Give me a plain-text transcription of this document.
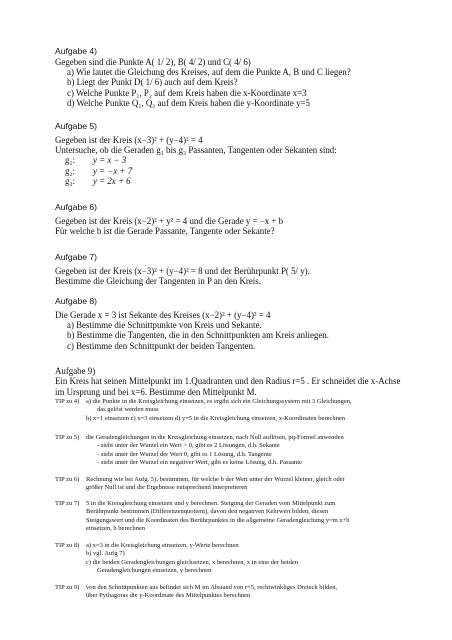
Aufgabe 4)
Gegeben sind die Punkte A( 1/ 2), B( 4/ 2) und C( 4/ 6)
a) Wie lautet die Gleichung des Kreises, auf dem die Punkte A, B und C liegen?
b) Liegt der Punkt D( 1/ 6) auch auf dem Kreis?
c) Welche Punkte P₁, P₂ auf dem Kreis haben die x-Koordinate x=3
d) Welche Punkte Q₁, Q₂ auf dem Kreis haben die y-Koordinate y=5
Aufgabe 5)
Gegeben ist der Kreis (x−3)² + (y−4)² = 4
Untersuche, ob die Geraden g₁ bis g₃ Passanten, Tangenten oder Sekanten sind:
g₁: y = x − 3
g₂: y = −x + 7
g₃: y = 2x + 6
Aufgabe 6)
Gegeben ist der Kreis (x−2)² + y² = 4 und die Gerade y = −x + b
Für welche b ist die Gerade Passante, Tangente oder Sekante?
Aufgabe 7)
Gegeben ist der Kreis (x−3)² + (y−4)² = 8 und der Berührpunkt P( 5/ y).
Bestimme die Gleichung der Tangenten in P an den Kreis.
Aufgabe 8)
Die Gerade x = 3 ist Sekante des Kreises (x−2)² + (y−4)² = 4
a) Bestimme die Schnittpunkte von Kreis und Sekante.
b) Bestimme die Tangenten, die in den Schnittpunkten am Kreis anliegen.
c) Bestimme den Schnittpunkt der beiden Tangenten.
Aufgabe 9)
Ein Kreis hat seinen Mittelpunkt im 1.Quadranten und den Radius r=5 . Er schneidet die x-Achse
im Ursprung und bei x=6. Bestimme den Mittelpunkt M.
TIP zu 4) a) die Punkte in die Kreisgleichung einsetzen, es ergibt sich ein Gleichungssystem mit 3 Gleichungen,
das gelöst werden muss
b) x=1 einsetzen c) x=3 einsetzen d) y=5 in die Kreisgleichung einsetzen, x-Koordinaten berechnen
TIP zu 5) die Geradengleichungen in die Kreisgleichung einsetzen, nach Null auflösen, pq-Formel anwenden
- steht unter der Wurzel ein Wert > 0, gibt es 2 Lösungen, d.h. Sekante
- steht unter der Wurzel der Wert 0, gibt es 1 Lösung, d.h. Tangente
- steht unter der Wurzel ein negativer Wert, gibt es keine Lösung, d.h. Passante
TIP zu 6) Rechnung wie bei Aufg. 5); bestimmen, für welche b der Wert unter der Wurzel kleiner, gleich oder
größer Null ist und die Ergebnisse entsprechend interpretieren
TIP zu 7) 5 in die Kreisgleichung einsetzen und y berechnen. Steigung der Geraden vom Mittelpunkt zum
Berührpunkt bestimmen (Differenzenquotient), davon den negativen Kehrwert bilden, diesen
Steigungswert und die Koordinaten des Berührpunktes in die allgemeine Geradengleichung y=m x+b
einsetzen, b berechnen
TIP zu 8) a) x=3 in die Kreisgleichung einsetzen, y-Werte berechnen
b) vgl. Aufg 7)
c) die beiden Geradengleichungen gleichsetzen, x berechnen, x in eine der beiden
Geradengleichungen einsetzen, y berechnen
TIP zu 9) von den Schnittpunkten aus befindet sich M im Abstand von r=5, rechtwinkliges Dreieck bilden,
über Pythagoras die y-Koordinate des Mittelpunktes berechnen
